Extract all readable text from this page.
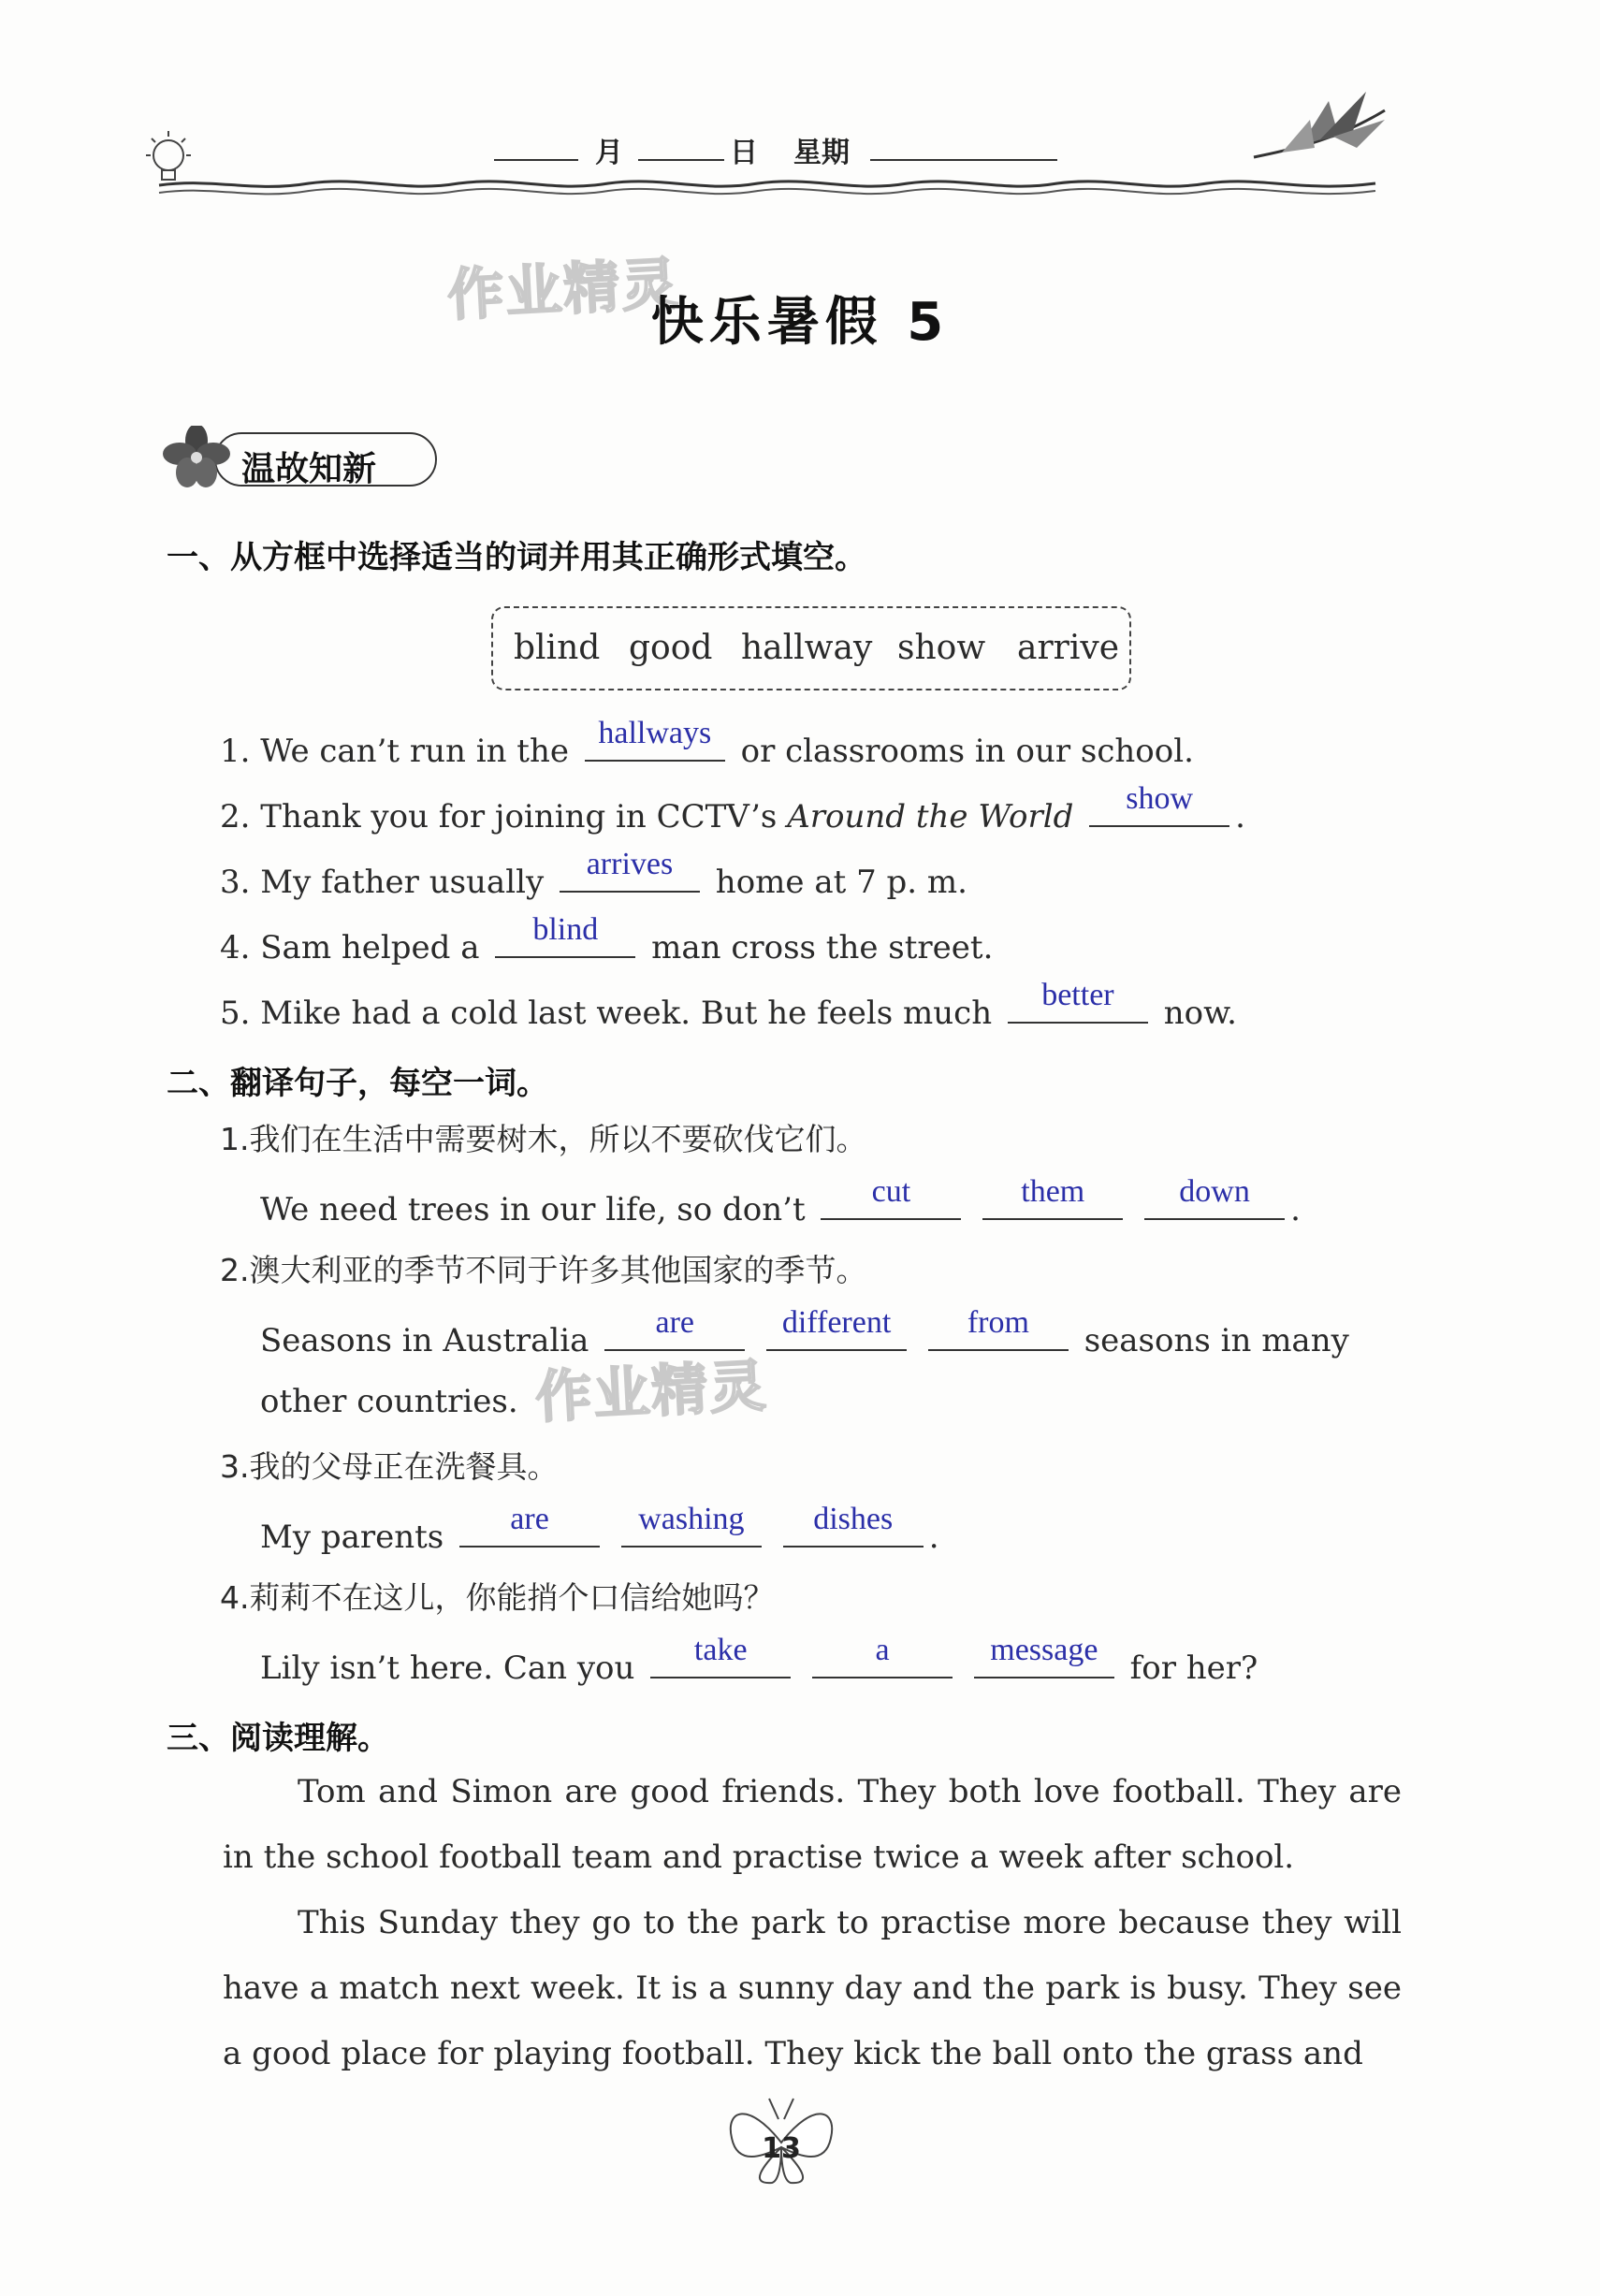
月	日 星期
作业精灵
快乐暑假 5
温故知新
一、从方框中选择适当的词并用其正确形式填空。
blind good hallway show arrive
1. We can’t run in the hallways or classrooms in our school.
2. Thank you for joining in CCTV’s Around the World	show	.
3. My father usually	arrives	home at 7 p. m.
4. Sam helped a	blind	man cross the street.
5. Mike had a cold last week. But he feels much	better	now.
二、翻译句子，每空一词。
1.我们在生活中需要树木，所以不要砍伐它们。
We need trees in our life, so don’t	cut
	them
	down	.
2.澳大利亚的季节不同于许多其他国家的季节。
Seasons in Australia	are
	different
	from	seasons in many
other countries. 作业精灵
3.我的父母正在洗餐具。
My parents	are
	washing
	dishes	.
4.莉莉不在这儿，你能捎个口信给她吗？
Lily isn’t here. Can you	take
	a
	message	for her?
三、阅读理解。
Tom and Simon are good friends. They both love football. They are in the school football team and practise twice a week after school.
This Sunday they go to the park to practise more because they will have a match next week. It is a sunny day and the park is busy. They see a good place for playing football. They kick the ball onto the grass and
13
